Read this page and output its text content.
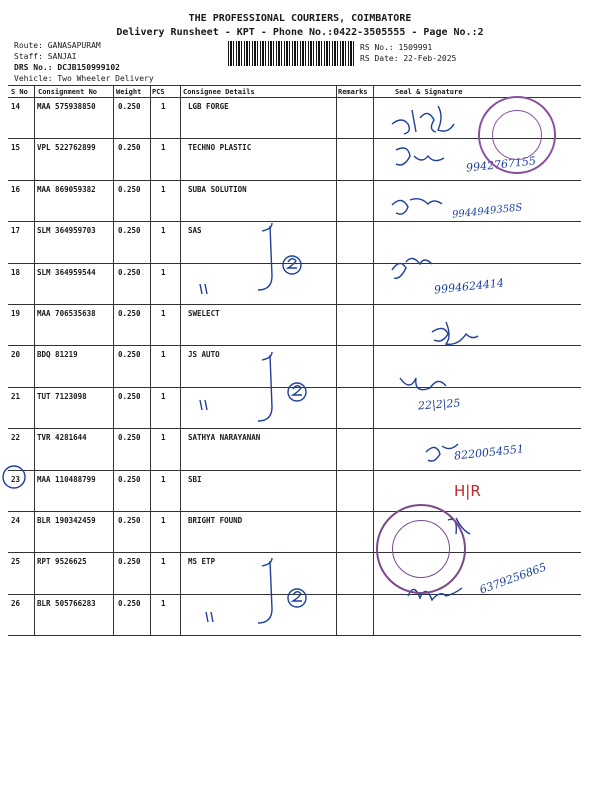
THE PROFESSIONAL COURIERS, COIMBATORE
Delivery Runsheet - KPT - Phone No.:0422-3505555 - Page No.:2
Route: GANASAPURAM
Staff: SANJAI
DRS No.: DCJB150999102
Vehicle: Two Wheeler Delivery
RS No.: 1509991
RS Date: 22-Feb-2025
S No Consignment No	Weight PCS	Consignee Details	Remarks	Seal & Signature
14 MAA 575938850	0.250	1	LGB FORGE
15 VPL 522762899	0.250	1	TECHNO PLASTIC
16 MAA 869059382	0.250	1	SUBA SOLUTION
17 SLM 364959703	0.250	1	SAS
18 SLM 364959544	0.250	1
19 MAA 706535638	0.250	1	SWELECT
20 BDQ 81219	0.250	1	JS AUTO
21 TUT 7123098	0.250	1
22 TVR 4281644	0.250	1	SATHYA NARAYANAN
23 MAA 110488799	0.250	1	SBI
24 BLR 190342459	0.250	1	BRIGHT FOUND
25 RPT 9526625	0.250	1	MS ETP
26 BLR 505766283	0.250	1
9942767155
9944949358S
9994624414
22|2|25
8220054551
6379256865
H|R
